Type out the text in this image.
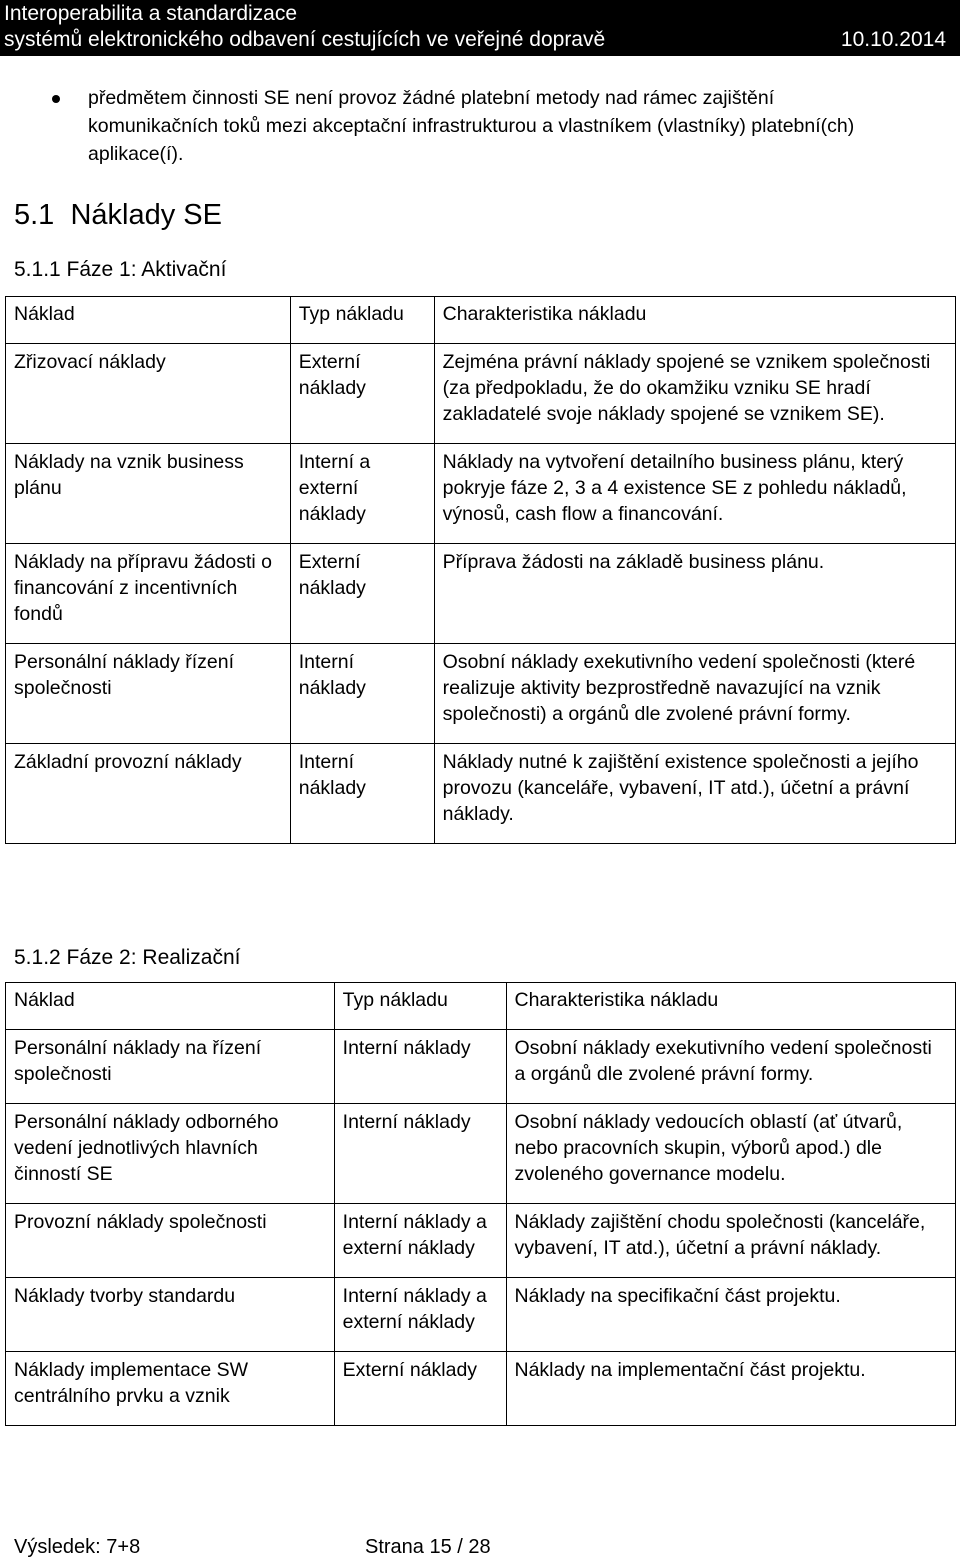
Interoperabilita a standardizace
systémů elektronického odbavení cestujících ve veřejné dopravě	10.10.2014
předmětem činnosti SE není provoz žádné platební metody nad rámec zajištění komunikačních toků mezi akceptační infrastrukturou a vlastníkem (vlastníky) platební(ch) aplikace(í).
5.1 Náklady SE
5.1.1 Fáze 1: Aktivační
Náklad	Typ nákladu	Charakteristika nákladu
Zřizovací náklady	Externí náklady	Zejména právní náklady spojené se vznikem společnosti (za předpokladu, že do okamžiku vzniku SE hradí zakladatelé svoje náklady spojené se vznikem SE).
Náklady na vznik business plánu	Interní a externí náklady	Náklady na vytvoření detailního business plánu, který pokryje fáze 2, 3 a 4 existence SE z pohledu nákladů, výnosů, cash flow a financování.
Náklady na přípravu žádosti o financování z incentivních fondů	Externí náklady	Příprava žádosti na základě business plánu.
Personální náklady řízení společnosti	Interní náklady	Osobní náklady exekutivního vedení společnosti (které realizuje aktivity bezprostředně navazující na vznik společnosti) a orgánů dle zvolené právní formy.
Základní provozní náklady	Interní náklady	Náklady nutné k zajištění existence společnosti a jejího provozu (kanceláře, vybavení, IT atd.), účetní a právní náklady.
5.1.2 Fáze 2: Realizační
Náklad	Typ nákladu	Charakteristika nákladu
Personální náklady na řízení společnosti	Interní náklady	Osobní náklady exekutivního vedení společnosti a orgánů dle zvolené právní formy.
Personální náklady odborného vedení jednotlivých hlavních činností SE	Interní náklady	Osobní náklady vedoucích oblastí (ať útvarů, nebo pracovních skupin, výborů apod.) dle zvoleného governance modelu.
Provozní náklady společnosti	Interní náklady a externí náklady	Náklady zajištění chodu společnosti (kanceláře, vybavení, IT atd.), účetní a právní náklady.
Náklady tvorby standardu	Interní náklady a externí náklady	Náklady na specifikační část projektu.
Náklady implementace SW centrálního prvku a vznik	Externí náklady	Náklady na implementační část projektu.
Výsledek: 7+8	Strana 15 / 28
